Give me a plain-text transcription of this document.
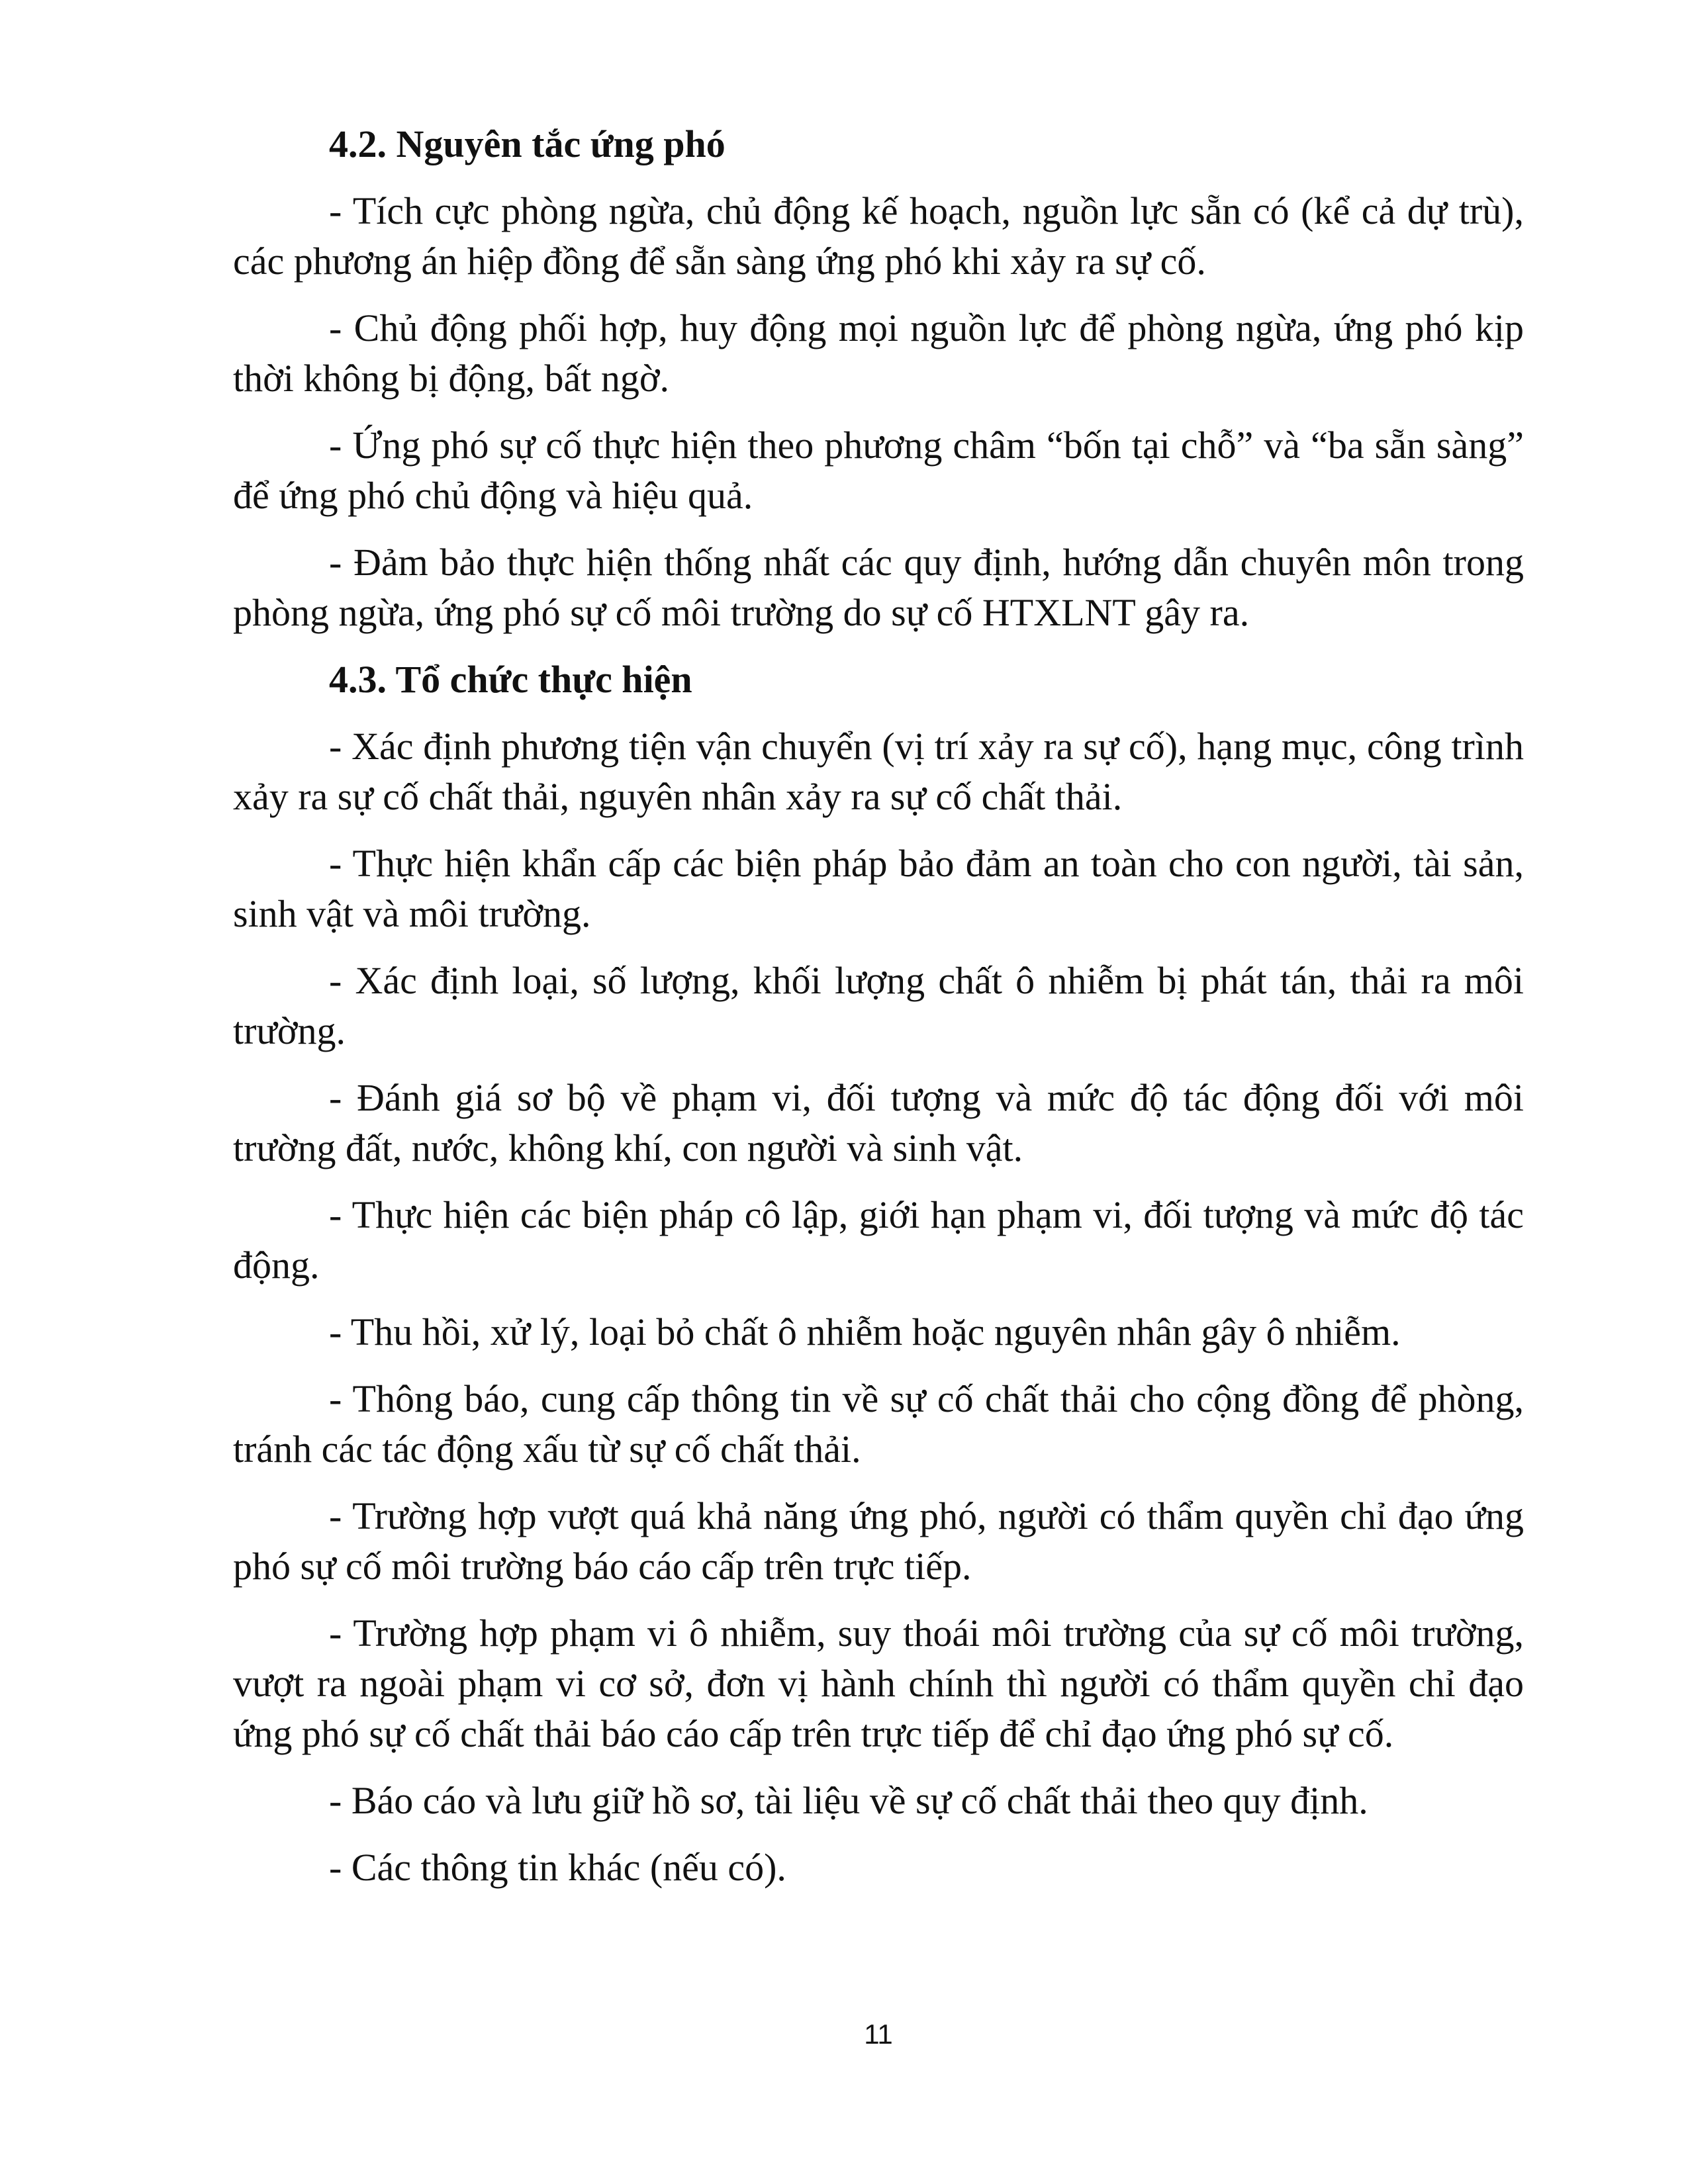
4.2. Nguyên tắc ứng phó

- Tích cực phòng ngừa, chủ động kế hoạch, nguồn lực sẵn có (kể cả dự trù), các phương án hiệp đồng để sẵn sàng ứng phó khi xảy ra sự cố.

- Chủ động phối hợp, huy động mọi nguồn lực để phòng ngừa, ứng phó kịp thời không bị động, bất ngờ.

- Ứng phó sự cố thực hiện theo phương châm “bốn tại chỗ” và “ba sẵn sàng” để ứng phó chủ động và hiệu quả.

- Đảm bảo thực hiện thống nhất các quy định, hướng dẫn chuyên môn trong phòng ngừa, ứng phó sự cố môi trường do sự cố HTXLNT gây ra.

4.3. Tổ chức thực hiện

- Xác định phương tiện vận chuyển (vị trí xảy ra sự cố), hạng mục, công trình xảy ra sự cố chất thải, nguyên nhân xảy ra sự cố chất thải.

- Thực hiện khẩn cấp các biện pháp bảo đảm an toàn cho con người, tài sản, sinh vật và môi trường.

- Xác định loại, số lượng, khối lượng chất ô nhiễm bị phát tán, thải ra môi trường.

- Đánh giá sơ bộ về phạm vi, đối tượng và mức độ tác động đối với môi trường đất, nước, không khí, con người và sinh vật.

- Thực hiện các biện pháp cô lập, giới hạn phạm vi, đối tượng và mức độ tác động.

- Thu hồi, xử lý, loại bỏ chất ô nhiễm hoặc nguyên nhân gây ô nhiễm.

- Thông báo, cung cấp thông tin về sự cố chất thải cho cộng đồng để phòng, tránh các tác động xấu từ sự cố chất thải.

- Trường hợp vượt quá khả năng ứng phó, người có thẩm quyền chỉ đạo ứng phó sự cố môi trường báo cáo cấp trên trực tiếp.

- Trường hợp phạm vi ô nhiễm, suy thoái môi trường của sự cố môi trường, vượt ra ngoài phạm vi cơ sở, đơn vị hành chính thì người có thẩm quyền chỉ đạo ứng phó sự cố chất thải báo cáo cấp trên trực tiếp để chỉ đạo ứng phó sự cố.

- Báo cáo và lưu giữ hồ sơ, tài liệu về sự cố chất thải theo quy định.

- Các thông tin khác (nếu có).

11
